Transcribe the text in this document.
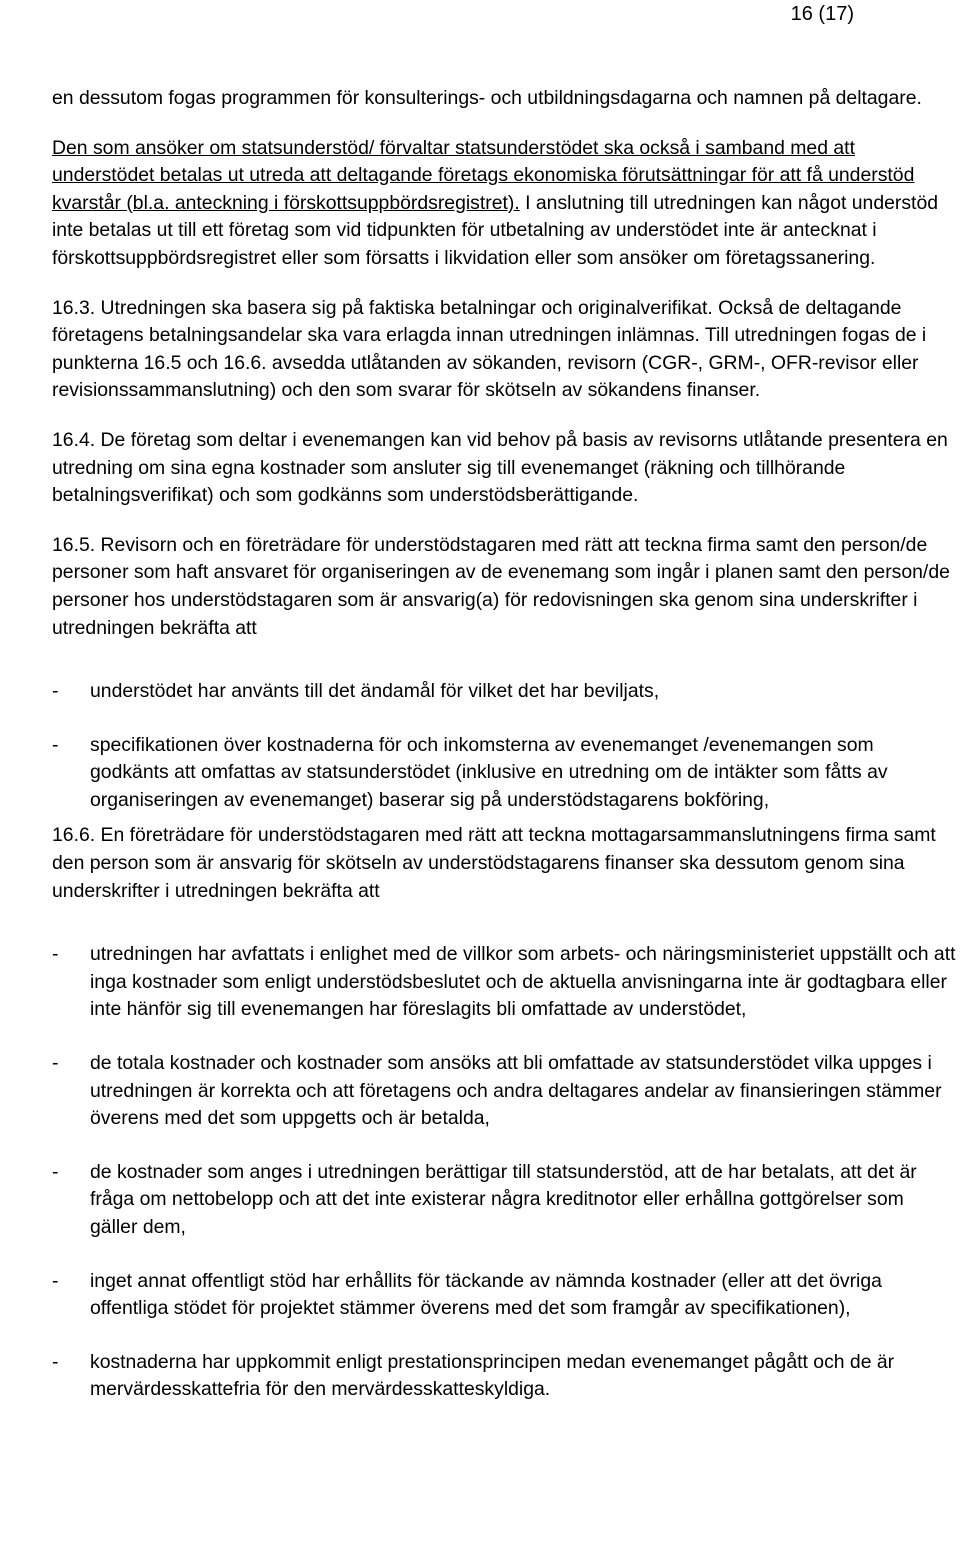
16 (17)

en dessutom fogas programmen för konsulterings- och utbildningsdagarna och namnen på deltagare.

Den som ansöker om statsunderstöd/ förvaltar statsunderstödet ska också i samband med att understödet betalas ut utreda att deltagande företags ekonomiska förutsättningar för att få understöd kvarstår (bl.a. anteckning i förskottsuppbördsregistret). I anslutning till utredningen kan något understöd inte betalas ut till ett företag som vid tidpunkten för utbetalning av understödet inte är antecknat i förskottsuppbördsregistret eller som försatts i likvidation eller som ansöker om företagssanering.

16.3. Utredningen ska basera sig på faktiska betalningar och originalverifikat. Också de deltagande företagens betalningsandelar ska vara erlagda innan utredningen inlämnas. Till utredningen fogas de i punkterna 16.5 och 16.6. avsedda utlåtanden av sökanden, revisorn (CGR-, GRM-, OFR-revisor eller revisionssammanslutning) och den som svarar för skötseln av sökandens finanser.

16.4. De företag som deltar i evenemangen kan vid behov på basis av revisorns utlåtande presentera en utredning om sina egna kostnader som ansluter sig till evenemanget (räkning och tillhörande betalningsverifikat) och som godkänns som understödsberättigande.

16.5. Revisorn och en företrädare för understödstagaren med rätt att teckna firma samt den person/de personer som haft ansvaret för organiseringen av de evenemang som ingår i planen samt den person/de personer hos understödstagaren som är ansvarig(a) för redovisningen ska genom sina underskrifter i utredningen bekräfta att

- understödet har använts till det ändamål för vilket det har beviljats,
- specifikationen över kostnaderna för och inkomsterna av evenemanget /evenemangen som godkänts att omfattas av statsunderstödet (inklusive en utredning om de intäkter som fåtts av organiseringen av evenemanget) baserar sig på understödstagarens bokföring,

16.6. En företrädare för understödstagaren med rätt att teckna mottagarsammanslutningens firma samt den person som är ansvarig för skötseln av understödstagarens finanser ska dessutom genom sina underskrifter i utredningen bekräfta att

- utredningen har avfattats i enlighet med de villkor som arbets- och näringsministeriet uppställt och att inga kostnader som enligt understödsbeslutet och de aktuella anvisningarna inte är godtagbara eller inte hänför sig till evenemangen har föreslagits bli omfattade av understödet,
- de totala kostnader och kostnader som ansöks att bli omfattade av statsunderstödet vilka uppges i utredningen är korrekta och att företagens och andra deltagares andelar av finansieringen stämmer överens med det som uppgetts och är betalda,
- de kostnader som anges i utredningen berättigar till statsunderstöd, att de har betalats, att det är fråga om nettobelopp och att det inte existerar några kreditnotor eller erhållna gottgörelser som gäller dem,
- inget annat offentligt stöd har erhållits för täckande av nämnda kostnader (eller att det övriga offentliga stödet för projektet stämmer överens med det som framgår av specifikationen),
- kostnaderna har uppkommit enligt prestationsprincipen medan evenemanget pågått och de är mervärdesskattefria för den mervärdesskatteskyldiga.
